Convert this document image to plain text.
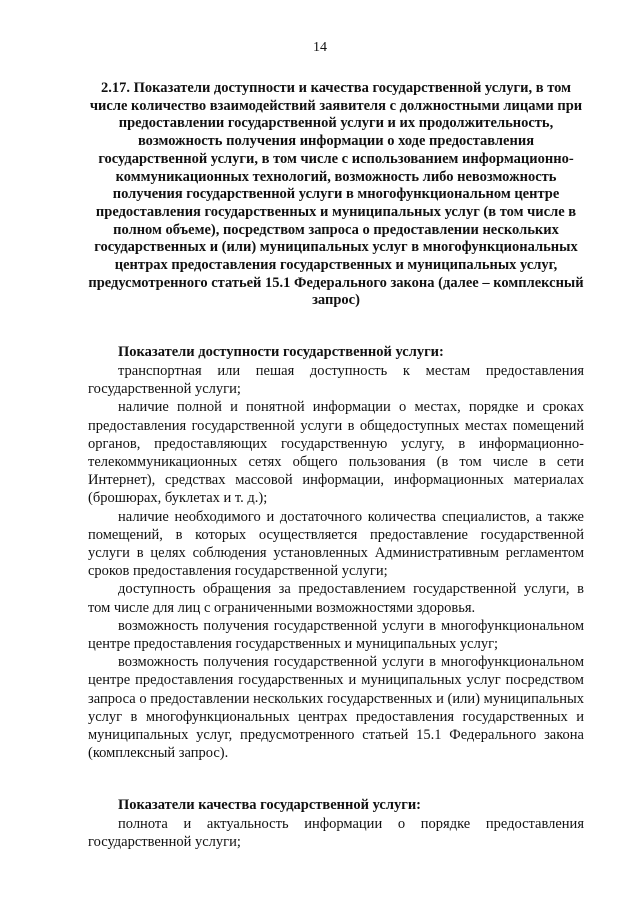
14
2.17. Показатели доступности и качества государственной услуги, в том числе количество взаимодействий заявителя с должностными лицами при предоставлении государственной услуги и их продолжительность, возможность получения информации о ходе предоставления государственной услуги, в том числе с использованием информационно-коммуникационных технологий, возможность либо невозможность получения государственной услуги в многофункциональном центре предоставления государственных и муниципальных услуг (в том числе в полном объеме), посредством запроса о предоставлении нескольких государственных и (или) муниципальных услуг в многофункциональных центрах предоставления государственных и муниципальных услуг, предусмотренного статьей 15.1 Федерального закона (далее – комплексный запрос)

Показатели доступности государственной услуги:

транспортная или пешая доступность к местам предоставления государственной услуги;

наличие полной и понятной информации о местах, порядке и сроках предоставления государственной услуги в общедоступных местах помещений органов, предоставляющих государственную услугу, в информационно-телекоммуникационных сетях общего пользования (в том числе в сети Интернет), средствах массовой информации, информационных материалах (брошюрах, буклетах и т. д.);

наличие необходимого и достаточного количества специалистов, а также помещений, в которых осуществляется предоставление государственной услуги в целях соблюдения установленных Административным регламентом сроков предоставления государственной услуги;

доступность обращения за предоставлением государственной услуги, в том числе для лиц с ограниченными возможностями здоровья.

возможность получения государственной услуги в многофункциональном центре предоставления государственных и муниципальных услуг;

возможность получения государственной услуги в многофункциональном центре предоставления государственных и муниципальных услуг посредством запроса о предоставлении нескольких государственных и (или) муниципальных услуг в многофункциональных центрах предоставления государственных и муниципальных услуг, предусмотренного статьей 15.1 Федерального закона (комплексный запрос).

Показатели качества государственной услуги:

полнота и актуальность информации о порядке предоставления государственной услуги;
